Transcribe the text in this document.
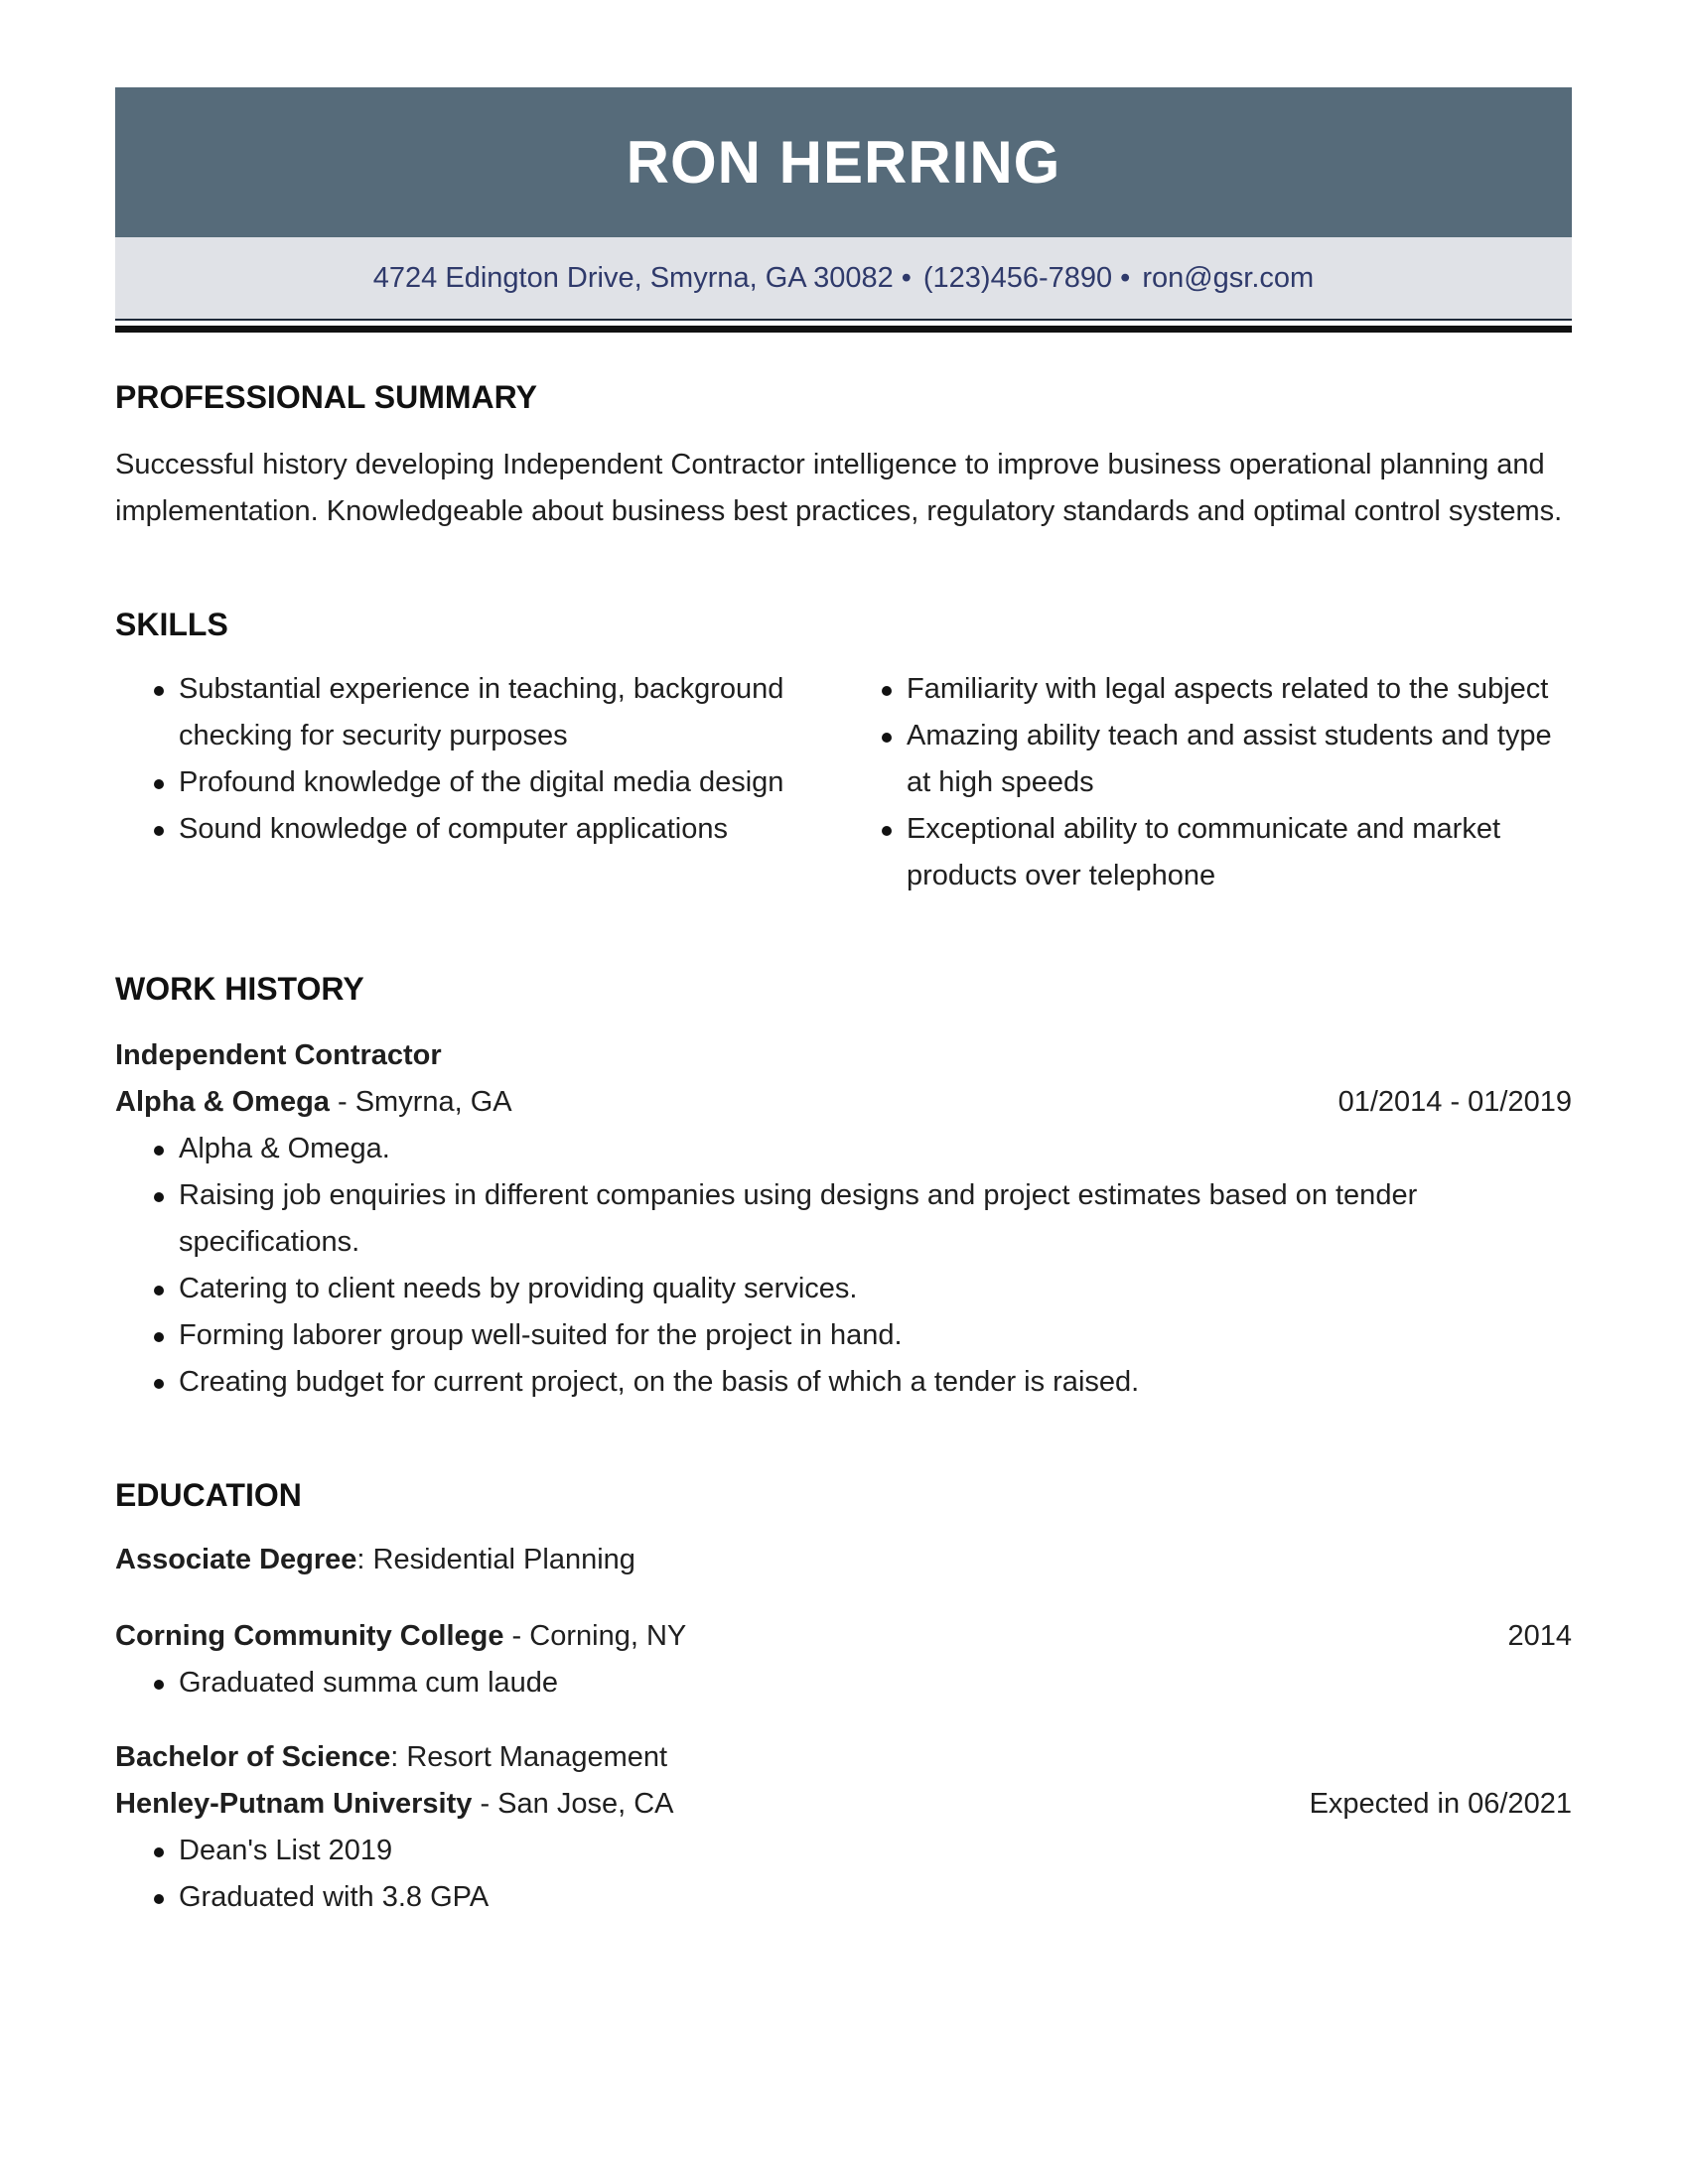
RON HERRING
4724 Edington Drive, Smyrna, GA 30082 • (123)456-7890 • ron@gsr.com
PROFESSIONAL SUMMARY

Successful history developing Independent Contractor intelligence to improve business operational planning and implementation. Knowledgeable about business best practices, regulatory standards and optimal control systems.

SKILLS
Substantial experience in teaching, background checking for security purposes
Profound knowledge of the digital media design
Sound knowledge of computer applications
Familiarity with legal aspects related to the subject
Amazing ability teach and assist students and type at high speeds
Exceptional ability to communicate and market products over telephone
WORK HISTORY
Independent Contractor
Alpha & Omega - Smyrna, GA	01/2014 - 01/2019
Alpha & Omega.
Raising job enquiries in different companies using designs and project estimates based on tender specifications.
Catering to client needs by providing quality services.
Forming laborer group well-suited for the project in hand.
Creating budget for current project, on the basis of which a tender is raised.
EDUCATION
Associate Degree: Residential Planning
Corning Community College - Corning, NY	2014
Graduated summa cum laude
Bachelor of Science: Resort Management
Henley-Putnam University - San Jose, CA	Expected in 06/2021
Dean's List 2019
Graduated with 3.8 GPA
